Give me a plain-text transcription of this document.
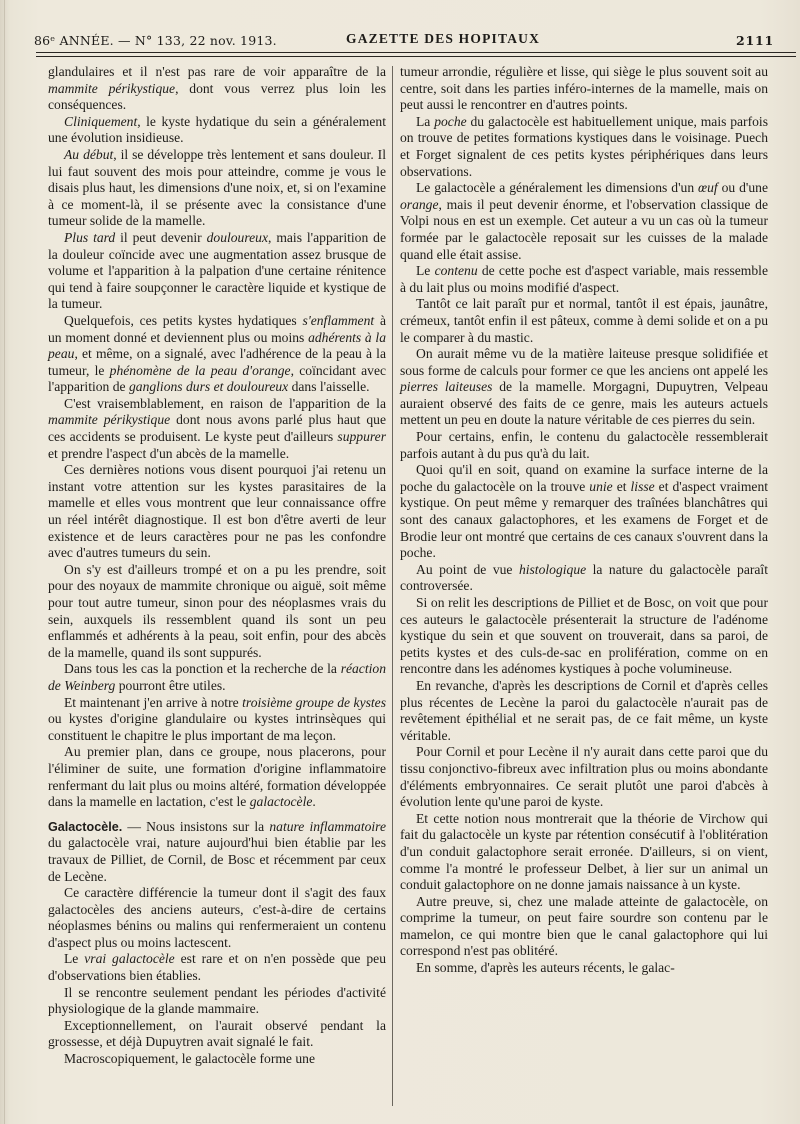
86ᵉ ANNÉE. — N° 133, 22 nov. 1913.	GAZETTE DES HOPITAUX	2111

glandulaires et il n'est pas rare de voir apparaître de la mammite périkystique, dont vous verrez plus loin les conséquences.

Cliniquement, le kyste hydatique du sein a généralement une évolution insidieuse.

Au début, il se développe très lentement et sans douleur. Il lui faut souvent des mois pour atteindre, comme je vous le disais plus haut, les dimensions d'une noix, et, si on l'examine à ce moment-là, il se présente avec la consistance d'une tumeur solide de la mamelle.

Plus tard il peut devenir douloureux, mais l'apparition de la douleur coïncide avec une augmentation assez brusque de volume et l'apparition à la palpation d'une certaine rénitence qui tend à faire soupçonner le caractère liquide et kystique de la tumeur.

Quelquefois, ces petits kystes hydatiques s'enflamment à un moment donné et deviennent plus ou moins adhérents à la peau, et même, on a signalé, avec l'adhérence de la peau à la tumeur, le phénomène de la peau d'orange, coïncidant avec l'apparition de ganglions durs et douloureux dans l'aisselle.

C'est vraisemblablement, en raison de l'apparition de la mammite périkystique dont nous avons parlé plus haut que ces accidents se produisent. Le kyste peut d'ailleurs suppurer et prendre l'aspect d'un abcès de la mamelle.

Ces dernières notions vous disent pourquoi j'ai retenu un instant votre attention sur les kystes parasitaires de la mamelle et elles vous montrent que leur connaissance offre un réel intérêt diagnostique. Il est bon d'être averti de leur existence et de leurs caractères pour ne pas les confondre avec d'autres tumeurs du sein.

On s'y est d'ailleurs trompé et on a pu les prendre, soit pour des noyaux de mammite chronique ou aiguë, soit même pour tout autre tumeur, sinon pour des néoplasmes vrais du sein, auxquels ils ressemblent quand ils sont un peu enflammés et adhérents à la peau, soit enfin, pour des abcès de la mamelle, quand ils sont suppurés.

Dans tous les cas la ponction et la recherche de la réaction de Weinberg pourront être utiles.

Et maintenant j'en arrive à notre troisième groupe de kystes ou kystes d'origine glandulaire ou kystes intrinsèques qui constituent le chapitre le plus important de ma leçon.

Au premier plan, dans ce groupe, nous placerons, pour l'éliminer de suite, une formation d'origine inflammatoire renfermant du lait plus ou moins altéré, formation développée dans la mamelle en lactation, c'est le galactocèle.

Galactocèle. — Nous insistons sur la nature inflammatoire du galactocèle vrai, nature aujourd'hui bien établie par les travaux de Pilliet, de Cornil, de Bosc et récemment par ceux de Lecène.

Ce caractère différencie la tumeur dont il s'agit des faux galactocèles des anciens auteurs, c'est-à-dire de certains néoplasmes bénins ou malins qui renfermeraient un contenu d'aspect plus ou moins lactescent.

Le vrai galactocèle est rare et on n'en possède que peu d'observations bien établies.

Il se rencontre seulement pendant les périodes d'activité physiologique de la glande mammaire.

Exceptionnellement, on l'aurait observé pendant la grossesse, et déjà Dupuytren avait signalé le fait.

Macroscopiquement, le galactocèle forme une

tumeur arrondie, régulière et lisse, qui siège le plus souvent soit au centre, soit dans les parties inféro-internes de la mamelle, mais on peut aussi le rencontrer en d'autres points.

La poche du galactocèle est habituellement unique, mais parfois on trouve de petites formations kystiques dans le voisinage. Puech et Forget signalent de ces petits kystes périphériques dans leurs observations.

Le galactocèle a généralement les dimensions d'un œuf ou d'une orange, mais il peut devenir énorme, et l'observation classique de Volpi nous en est un exemple. Cet auteur a vu un cas où la tumeur formée par le galactocèle reposait sur les cuisses de la malade quand elle était assise.

Le contenu de cette poche est d'aspect variable, mais ressemble à du lait plus ou moins modifié d'aspect.

Tantôt ce lait paraît pur et normal, tantôt il est épais, jaunâtre, crémeux, tantôt enfin il est pâteux, comme à demi solide et on a pu le comparer à du mastic.

On aurait même vu de la matière laiteuse presque solidifiée et sous forme de calculs pour former ce que les anciens ont appelé les pierres laiteuses de la mamelle. Morgagni, Dupuytren, Velpeau auraient observé des faits de ce genre, mais les auteurs actuels mettent un peu en doute la nature véritable de ces pierres du sein.

Pour certains, enfin, le contenu du galactocèle ressemblerait parfois autant à du pus qu'à du lait.

Quoi qu'il en soit, quand on examine la surface interne de la poche du galactocèle on la trouve unie et lisse et d'aspect vraiment kystique. On peut même y remarquer des traînées blanchâtres qui sont des canaux galactophores, et les examens de Forget et de Brodie leur ont montré que certains de ces canaux s'ouvrent dans la poche.

Au point de vue histologique la nature du galactocèle paraît controversée.

Si on relit les descriptions de Pilliet et de Bosc, on voit que pour ces auteurs le galactocèle présenterait la structure de l'adénome kystique du sein et que souvent on trouverait, dans sa paroi, de petits kystes et des culs-de-sac en prolifération, comme on en rencontre dans les adénomes kystiques à poche volumineuse.

En revanche, d'après les descriptions de Cornil et d'après celles plus récentes de Lecène la paroi du galactocèle n'aurait pas de revêtement épithélial et ne serait pas, de ce fait même, un kyste véritable.

Pour Cornil et pour Lecène il n'y aurait dans cette paroi que du tissu conjonctivo-fibreux avec infiltration plus ou moins abondante d'éléments embryonnaires. Ce serait plutôt une paroi d'abcès à évolution lente qu'une paroi de kyste.

Et cette notion nous montrerait que la théorie de Virchow qui fait du galactocèle un kyste par rétention consécutif à l'oblitération d'un conduit galactophore serait erronée. D'ailleurs, si on vient, comme l'a montré le professeur Delbet, à lier sur un animal un conduit galactophore on ne donne jamais naissance à un kyste.

Autre preuve, si, chez une malade atteinte de galactocèle, on comprime la tumeur, on peut faire sourdre son contenu par le mamelon, ce qui montre bien que le canal galactophore qui lui correspond n'est pas oblitéré.

En somme, d'après les auteurs récents, le galac-
